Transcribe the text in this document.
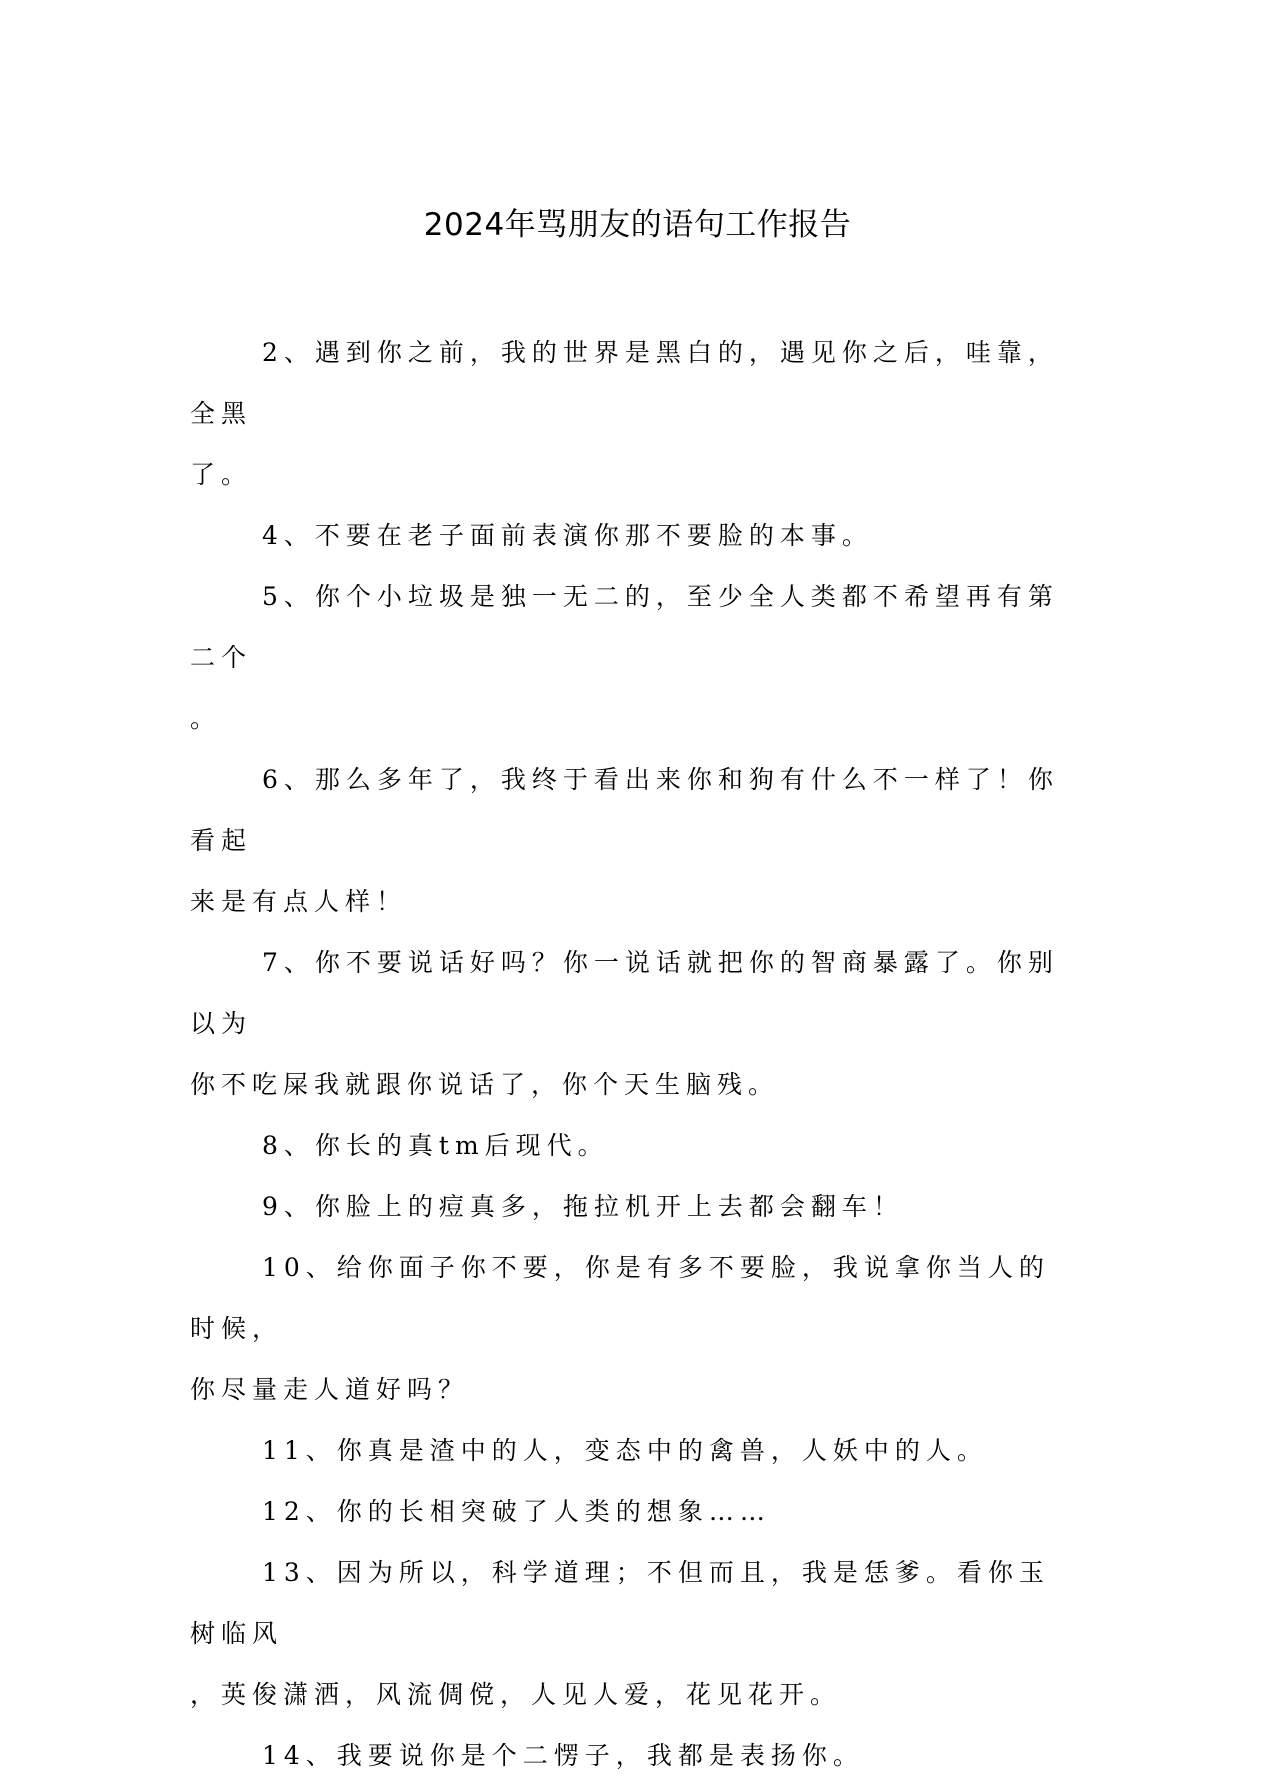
2024年骂朋友的语句工作报告

2、遇到你之前，我的世界是黑白的，遇见你之后，哇靠，全黑
了。

4、不要在老子面前表演你那不要脸的本事。

5、你个小垃圾是独一无二的，至少全人类都不希望再有第二个
。

6、那么多年了，我终于看出来你和狗有什么不一样了！你看起
来是有点人样！

7、你不要说话好吗？你一说话就把你的智商暴露了。你别以为
你不吃屎我就跟你说话了，你个天生脑残。

8、你长的真tm后现代。

9、你脸上的痘真多，拖拉机开上去都会翻车！

10、给你面子你不要，你是有多不要脸，我说拿你当人的时候，
你尽量走人道好吗？

11、你真是渣中的人，变态中的禽兽，人妖中的人。

12、你的长相突破了人类的想象……

13、因为所以，科学道理；不但而且，我是恁爹。看你玉树临风
，英俊潇洒，风流倜傥，人见人爱，花见花开。

14、我要说你是个二愣子，我都是表扬你。
